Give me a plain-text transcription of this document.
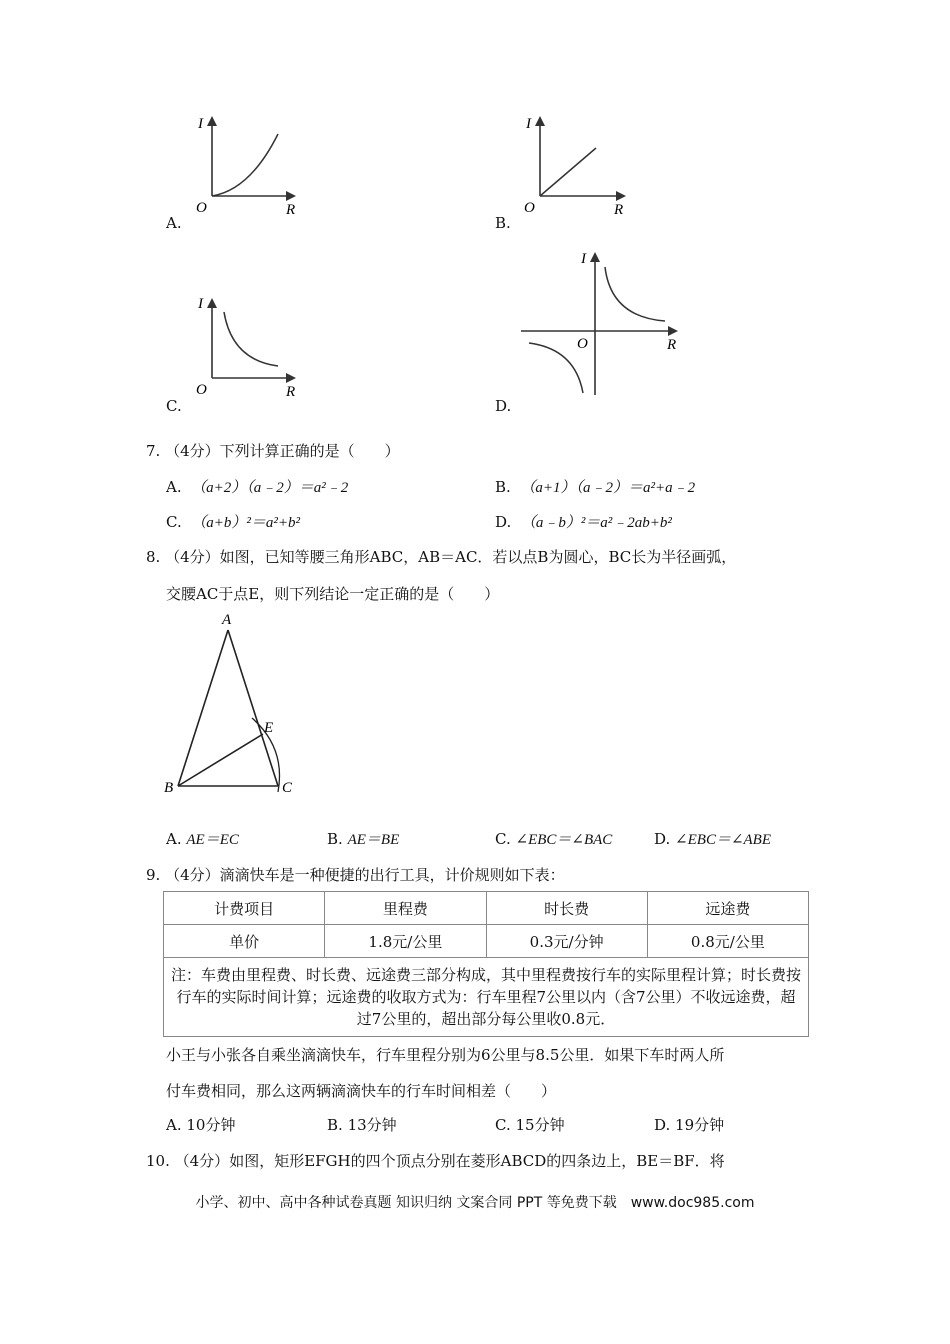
I
O	R
A.
I
O	R
B.
I
O	R
C.
I
O	R
D.
7. （4分）下列计算正确的是（　　）
A. （a+2）（a﹣2）＝a²﹣2	B. （a+1）（a﹣2）＝a²+a﹣2
C. （a+b）²＝a²+b²	D. （a﹣b）²＝a²﹣2ab+b²
8. （4分）如图，已知等腰三角形ABC，AB＝AC．若以点B为圆心，BC长为半径画弧，
交腰AC于点E，则下列结论一定正确的是（　　）
A
B	C
E
A. AE＝EC	B. AE＝BE	C. ∠EBC＝∠BAC	D. ∠EBC＝∠ABE
9. （4分）滴滴快车是一种便捷的出行工具，计价规则如下表：
计费项目	里程费	时长费	远途费
单价	1.8元/公里	0.3元/分钟	0.8元/公里
注：车费由里程费、时长费、远途费三部分构成，其中里程费按行车的实际里程计算；时长费按行车的实际时间计算；远途费的收取方式为：行车里程7公里以内（含7公里）不收远途费，超过7公里的，超出部分每公里收0.8元．			
小王与小张各自乘坐滴滴快车，行车里程分别为6公里与8.5公里．如果下车时两人所
付车费相同，那么这两辆滴滴快车的行车时间相差（　　）
A. 10分钟	B. 13分钟	C. 15分钟	D. 19分钟
10. （4分）如图，矩形EFGH的四个顶点分别在菱形ABCD的四条边上，BE＝BF．将
小学、初中、高中各种试卷真题 知识归纳 文案合同 PPT 等免费下载　www.doc985.com
